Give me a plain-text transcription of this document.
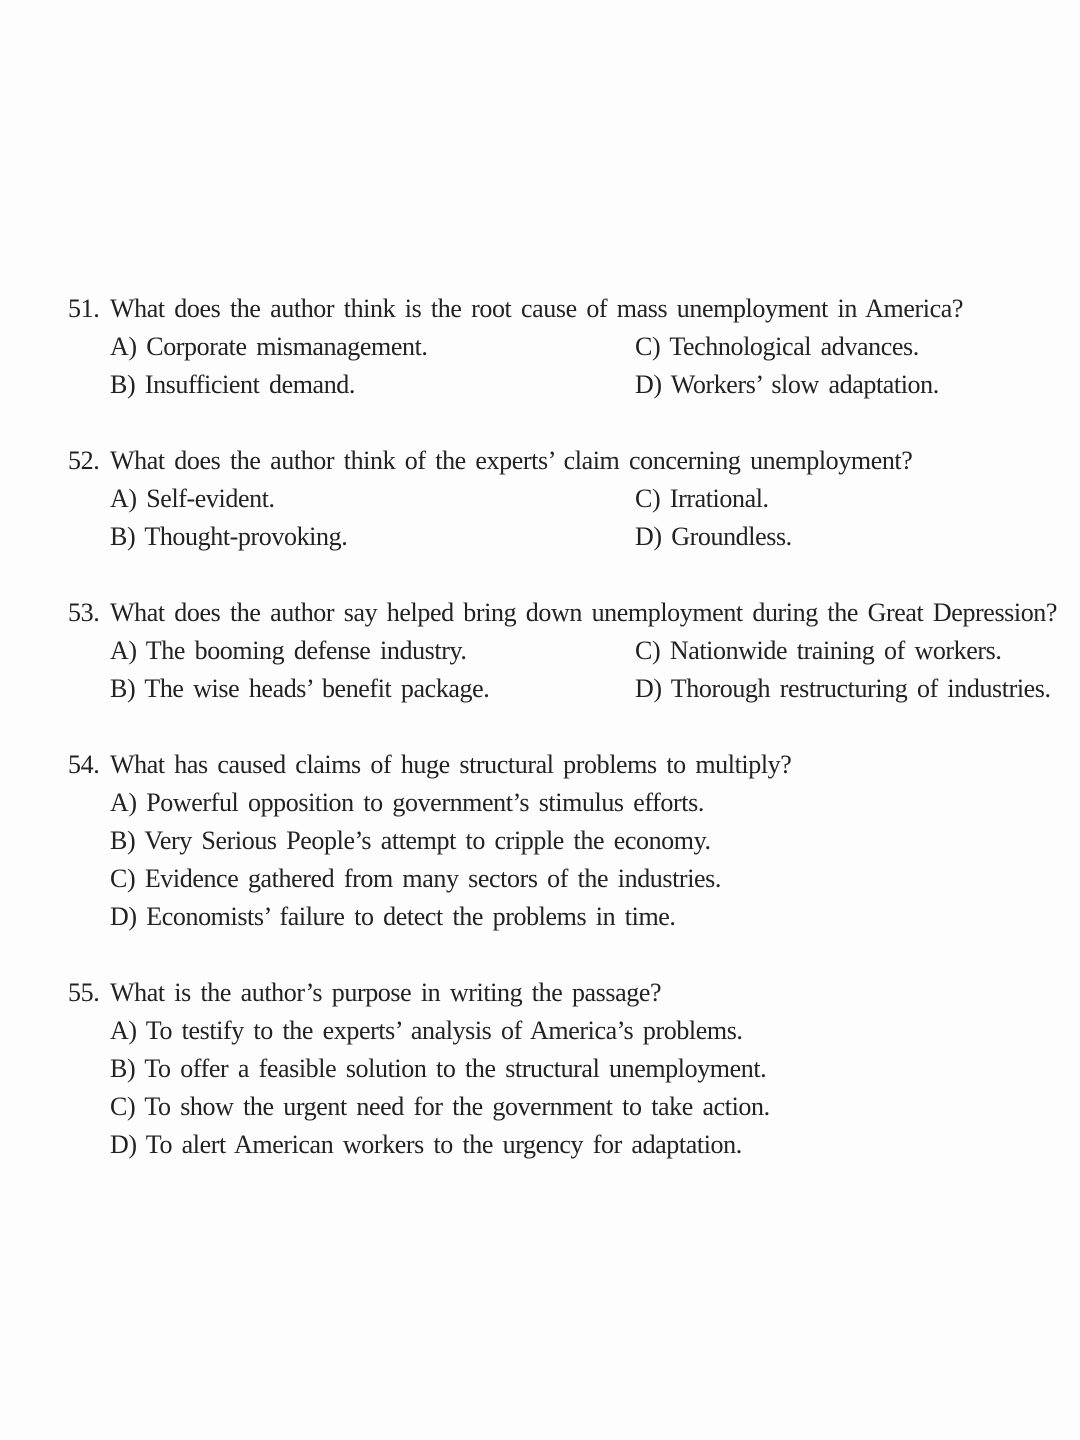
51. What does the author think is the root cause of mass unemployment in America?
A) Corporate mismanagement.
B) Insufficient demand.
C) Technological advances.
D) Workers’ slow adaptation.
52. What does the author think of the experts’ claim concerning unemployment?
A) Self-evident.
B) Thought-provoking.
C) Irrational.
D) Groundless.
53. What does the author say helped bring down unemployment during the Great Depression?
A) The booming defense industry.
B) The wise heads’ benefit package.
C) Nationwide training of workers.
D) Thorough restructuring of industries.
54. What has caused claims of huge structural problems to multiply?
A) Powerful opposition to government’s stimulus efforts.
B) Very Serious People’s attempt to cripple the economy.
C) Evidence gathered from many sectors of the industries.
D) Economists’ failure to detect the problems in time.
55. What is the author’s purpose in writing the passage?
A) To testify to the experts’ analysis of America’s problems.
B) To offer a feasible solution to the structural unemployment.
C) To show the urgent need for the government to take action.
D) To alert American workers to the urgency for adaptation.
